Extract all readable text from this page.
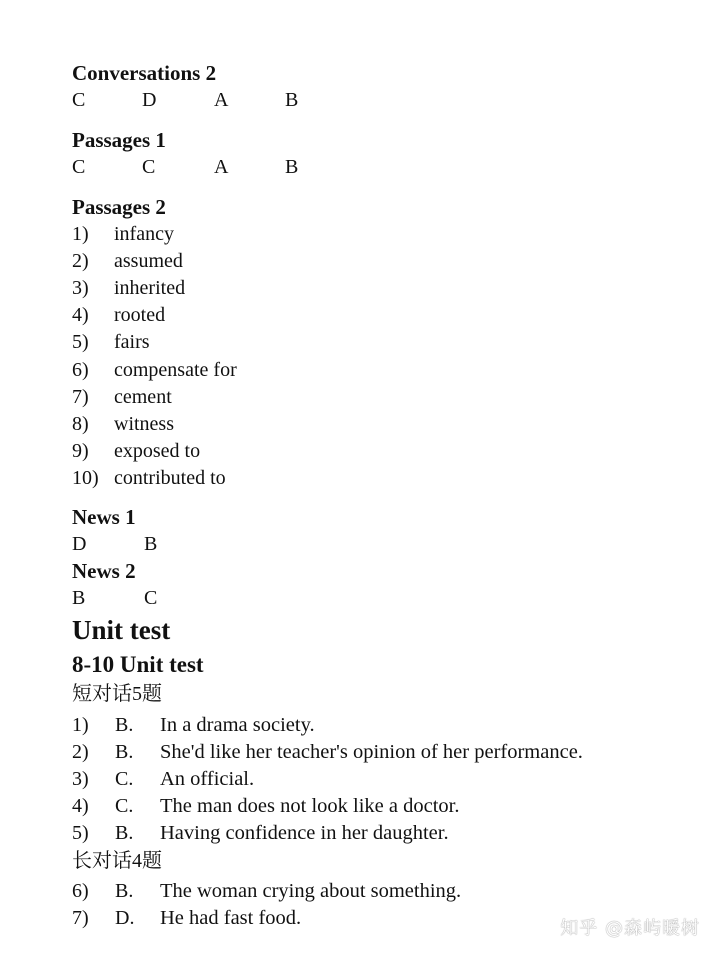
Conversations 2
C	D	A	B
Passages 1
C	C	A	B
Passages 2
1) infancy
2) assumed
3) inherited
4) rooted
5) fairs
6) compensate for
7) cement
8) witness
9) exposed to
10) contributed to
News 1
D	B
News 2
B	C
Unit test
8-10 Unit test
短对话5题
1) B. In a drama society.
2) B. She'd like her teacher's opinion of her performance.
3) C. An official.
4) C. The man does not look like a doctor.
5) B. Having confidence in her daughter.
长对话4题
6) B. The woman crying about something.
7) D. He had fast food.	知乎 @森屿暖树
